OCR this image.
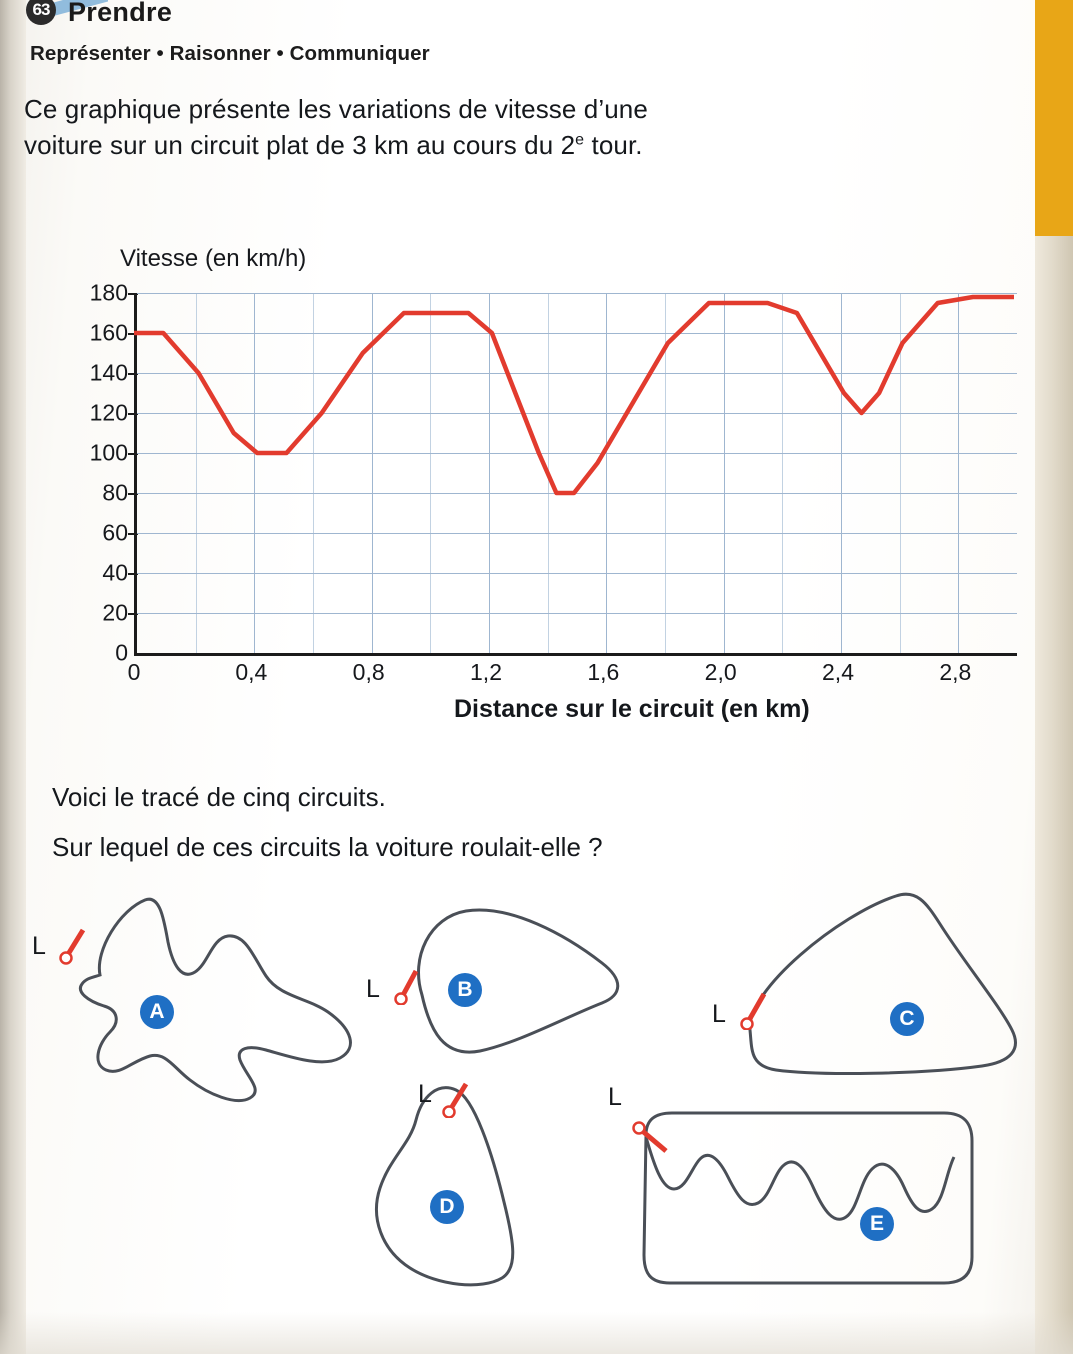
63 Prendre
Représenter • Raisonner • Communiquer
Ce graphique présente les variations de vitesse d’une
voiture sur un circuit plat de 3 km au cours du 2e tour.
Vitesse (en km/h)
0
20
40
60
80
100
120
140
160
180
0	0,4	0,8	1,2	1,6	2,0	2,4	2,8
Distance sur le circuit (en km)
Voici le tracé de cinq circuits.
Sur lequel de ces circuits la voiture roulait-elle ?
L
A
L	B
L	C
L
D
L
E
